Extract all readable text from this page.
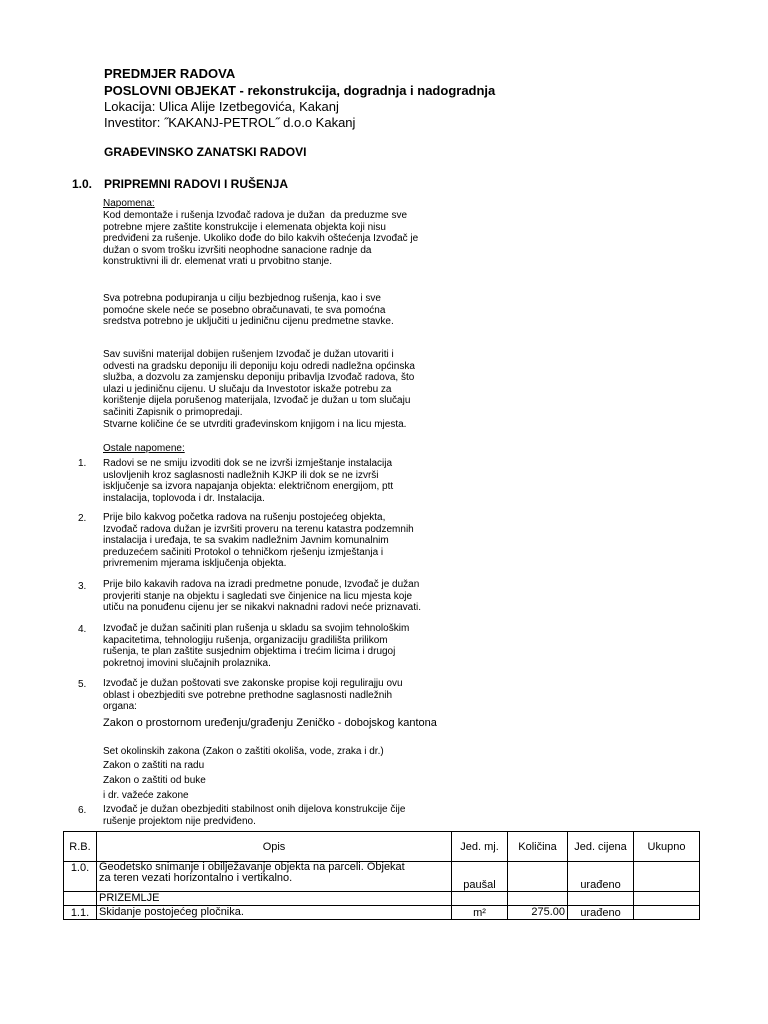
PREDMJER RADOVA
POSLOVNI OBJEKAT - rekonstrukcija, dogradnja i nadogradnja
Lokacija: Ulica Alije Izetbegovića, Kakanj
Investitor: ˝KAKANJ-PETROL˝ d.o.o Kakanj
GRAĐEVINSKO ZANATSKI RADOVI
1.0. PRIPREMNI RADOVI I RUŠENJA
Napomena:
Kod demontaže i rušenja Izvođač radova je dužan  da preduzme sve
potrebne mjere zaštite konstrukcije i elemenata objekta koji nisu
predviđeni za rušenje. Ukoliko dođe do bilo kakvih oštećenja Izvođač je
dužan o svom trošku izvršiti neophodne sanacione radnje da
konstruktivni ili dr. elemenat vrati u prvobitno stanje.
Sva potrebna podupiranja u cilju bezbjednog rušenja, kao i sve
pomoćne skele neće se posebno obračunavati, te sva pomoćna
sredstva potrebno je uključiti u jediničnu cijenu predmetne stavke.
Sav suvišni materijal dobijen rušenjem Izvođač je dužan utovariti i
odvesti na gradsku deponiju ili deponiju koju odredi nadležna općinska
služba, a dozvolu za zamjensku deponiju pribavlja Izvođač radova, što
ulazi u jediničnu cijenu. U slučaju da Investotor iskaže potrebu za
korištenje dijela porušenog materijala, Izvođač je dužan u tom slučaju
sačiniti Zapisnik o primopredaji.
Stvarne količine će se utvrditi građevinskom knjigom i na licu mjesta.
Ostale napomene:
1. Radovi se ne smiju izvoditi dok se ne izvrši izmještanje instalacija
uslovljenih kroz saglasnosti nadležnih KJKP ili dok se ne izvrši
isključenje sa izvora napajanja objekta: električnom energijom, ptt
instalacija, toplovoda i dr. Instalacija.
2. Prije bilo kakvog početka radova na rušenju postojećeg objekta,
Izvođač radova dužan je izvršiti proveru na terenu katastra podzemnih
instalacija i uređaja, te sa svakim nadležnim Javnim komunalnim
preduzećem sačiniti Protokol o tehničkom rješenju izmještanja i
privremenim mjerama isključenja objekta.
3. Prije bilo kakavih radova na izradi predmetne ponude, Izvođač je dužan
provjeriti stanje na objektu i sagledati sve činjenice na licu mjesta koje
utiču na ponuđenu cijenu jer se nikakvi naknadni radovi neće priznavati.
4. Izvođač je dužan sačiniti plan rušenja u skladu sa svojim tehnološkim
kapacitetima, tehnologiju rušenja, organizaciju gradilišta prilikom
rušenja, te plan zaštite susjednim objektima i trećim licima i drugoj
pokretnoj imovini slučajnih prolaznika.
5. Izvođač je dužan poštovati sve zakonske propise koji regulirajju ovu
oblast i obezbjediti sve potrebne prethodne saglasnosti nadležnih
organa:
Zakon o prostornom uređenju/građenju Zeničko - dobojskog kantona
Set okolinskih zakona (Zakon o zaštiti okoliša, vode, zraka i dr.)
Zakon o zaštiti na radu
Zakon o zaštiti od buke
i dr. važeće zakone
6. Izvođač je dužan obezbjediti stabilnost onih dijelova konstrukcije čije
rušenje projektom nije predviđeno.
R.B.	Opis	Jed. mj.	Količina	Jed. cijena	Ukupno
1.0.	Geodetsko snimanje i obilježavanje objekta na parceli. Objekat
za teren vezati horizontalno i vertikalno.	paušal		urađeno	
	PRIZEMLJE				
1.1.	Skidanje postojećeg pločnika.	m²	275.00	urađeno	
